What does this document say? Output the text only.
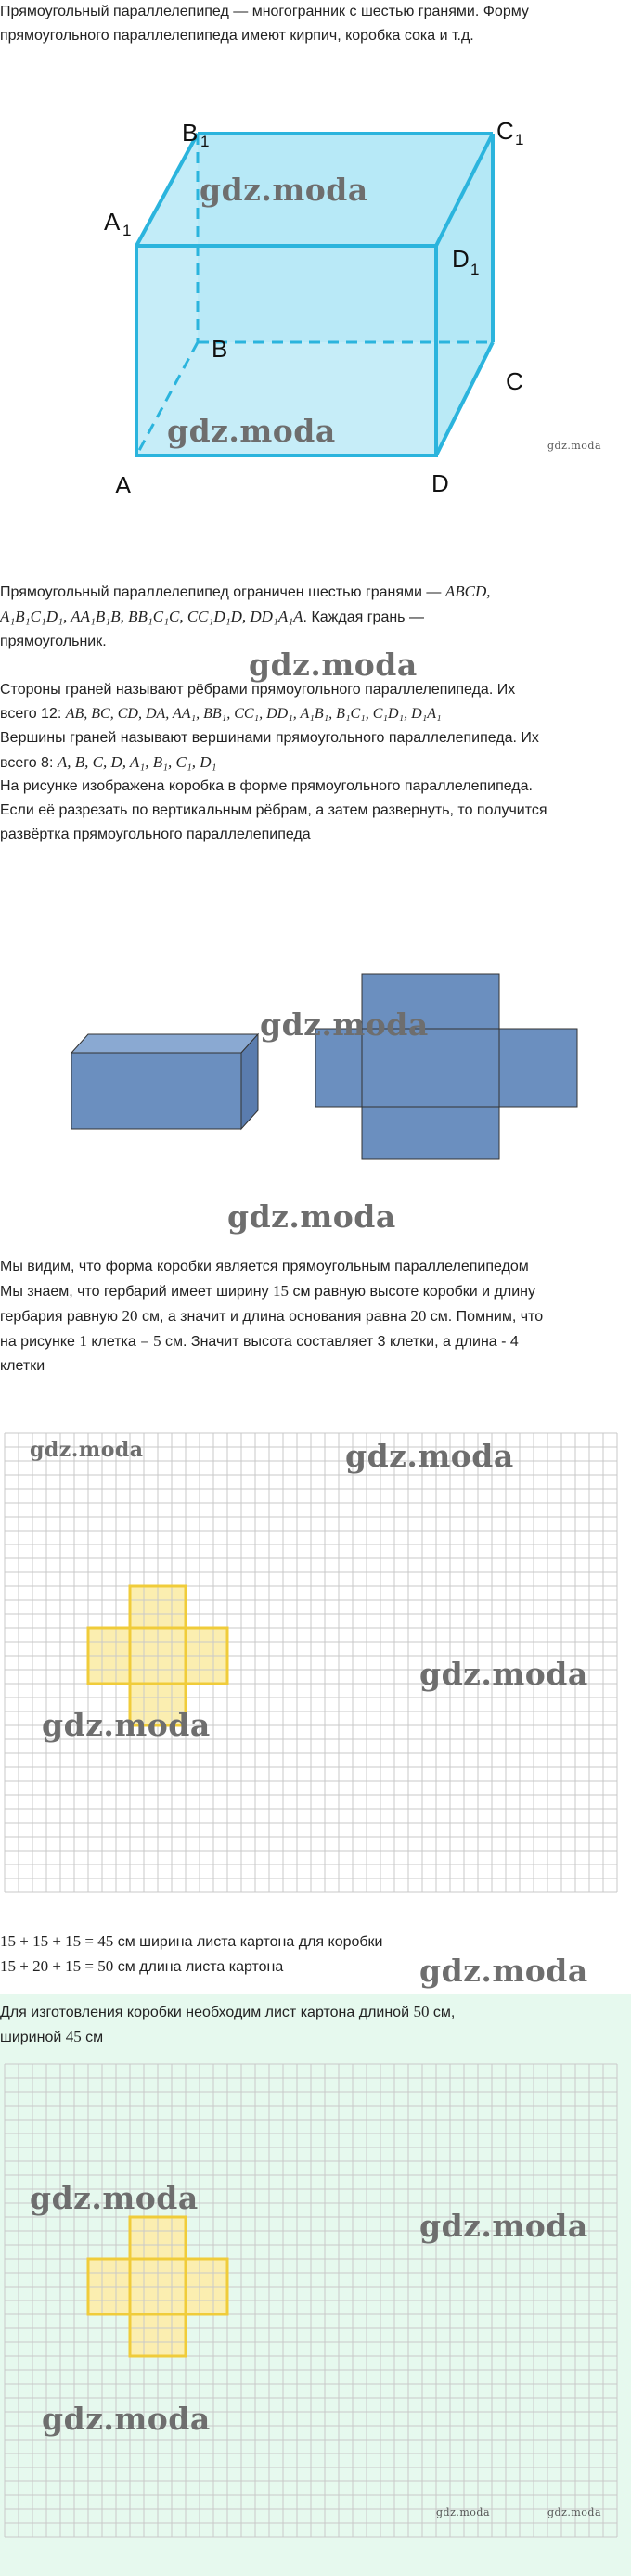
Прямоугольный параллелепипед — многогранник с шестью гранями. Форму

прямоугольного параллелепипеда имеют кирпич, коробка сока и т.д.

A
B
C
D
A 1
B 1	C 1
D 1
gdz.moda
gdz.moda	gdz.moda

Прямоугольный параллелепипед ограничен шестью гранями — ABCD,

A₁B₁C₁D₁, AA₁B₁B, BB₁C₁C, CC₁D₁D, DD₁A₁A. Каждая грань —

прямоугольник.

gdz.moda

Стороны граней называют рёбрами прямоугольного параллелепипеда. Их

всего 12: AB, BC, CD, DA, AA₁, BB₁, CC₁, DD₁, A₁B₁, B₁C₁, C₁D₁, D₁A₁

Вершины граней называют вершинами прямоугольного параллелепипеда. Их

всего 8: A, B, C, D, A₁, B₁, C₁, D₁

На рисунке изображена коробка в форме прямоугольного параллелепипеда.

Если её разрезать по вертикальным рёбрам, а затем развернуть, то получится

развёртка прямоугольного параллелепипеда

gdz.moda
gdz.moda

Мы видим, что форма коробки является прямоугольным параллелепипедом

Мы знаем, что гербарий имеет ширину 15 см равную высоте коробки и длину

гербария равную 20 см, а значит и длина основания равна 20 см. Помним, что

на рисунке 1 клетка = 5 см. Значит высота составляет 3 клетки, а длина - 4

клетки

gdz.moda	gdz.moda
gdz.moda
gdz.moda

15 + 15 + 15 = 45 см ширина листа картона для коробки

15 + 20 + 15 = 50 см длина листа картона	gdz.moda

Для изготовления коробки необходим лист картона длиной 50 см,

шириной 45 см

gdz.moda
gdz.moda
gdz.moda
gdz.moda	gdz.moda
